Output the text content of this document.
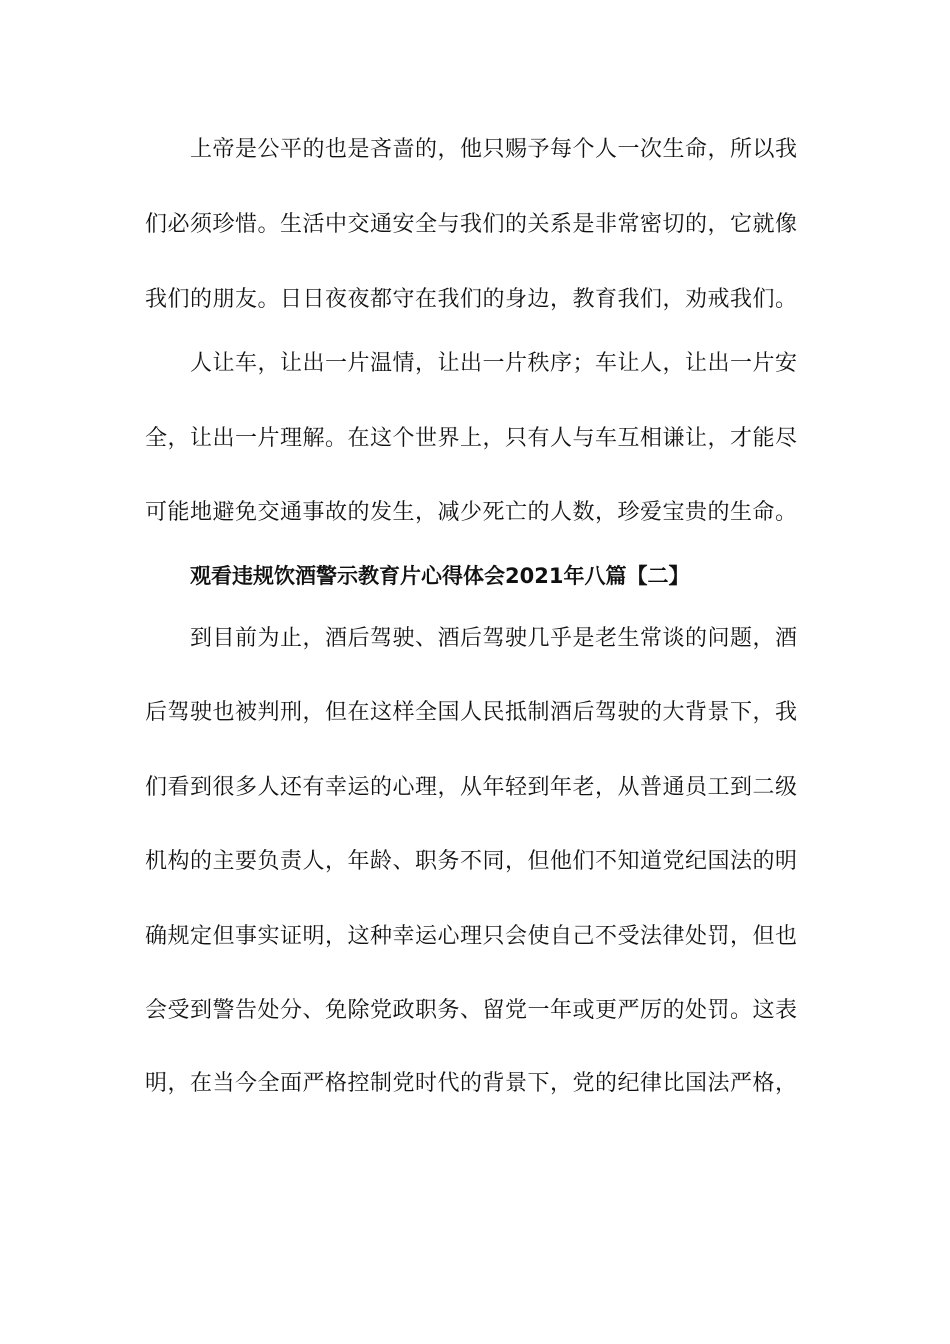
上帝是公平的也是吝啬的，他只赐予每个人一次生命，所以我
们必须珍惜。生活中交通安全与我们的关系是非常密切的，它就像
我们的朋友。日日夜夜都守在我们的身边，教育我们，劝戒我们。
人让车，让出一片温情，让出一片秩序；车让人，让出一片安
全，让出一片理解。在这个世界上，只有人与车互相谦让，才能尽
可能地避免交通事故的发生，减少死亡的人数，珍爱宝贵的生命。
观看违规饮酒警示教育片心得体会2021年八篇【二】
到目前为止，酒后驾驶、酒后驾驶几乎是老生常谈的问题，酒
后驾驶也被判刑，但在这样全国人民抵制酒后驾驶的大背景下，我
们看到很多人还有幸运的心理，从年轻到年老，从普通员工到二级
机构的主要负责人，年龄、职务不同，但他们不知道党纪国法的明
确规定但事实证明，这种幸运心理只会使自己不受法律处罚，但也
会受到警告处分、免除党政职务、留党一年或更严厉的处罚。这表
明，在当今全面严格控制党时代的背景下，党的纪律比国法严格，
